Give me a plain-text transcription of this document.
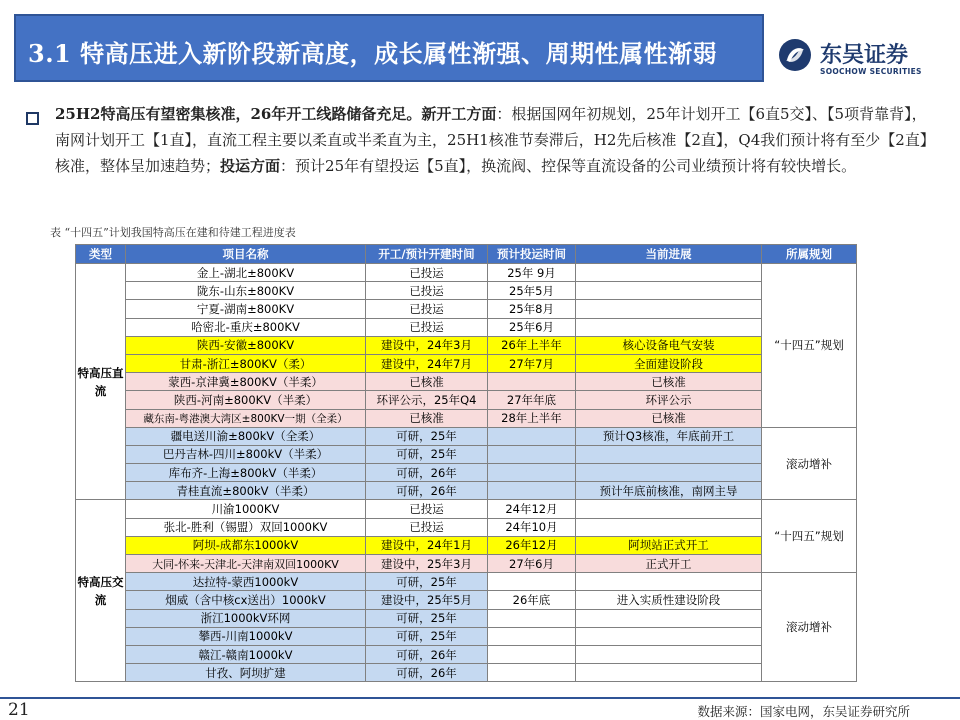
3.1 特高压进入新阶段新高度，成长属性渐强、周期性属性渐弱	东吴证券
SOOCHOW SECURITIES
25H2特高压有望密集核准，26年开工线路储备充足。新开工方面：根据国网年初规划，25年计划开工【6直5交】、【5项背靠背】，南网计划开工【1直】，直流工程主要以柔直或半柔直为主，25H1核准节奏滞后，H2先后核准【2直】，Q4我们预计将有至少【2直】核准，整体呈加速趋势；投运方面：预计25年有望投运【5直】，换流阀、控保等直流设备的公司业绩预计将有较快增长。
表 “十四五”计划我国特高压在建和待建工程进度表
类型	项目名称	开工/预计开建时间	预计投运时间	当前进展	所属规划
特高压直流	金上-湖北±800KV	已投运	25年 9月		“十四五”规划
	陇东-山东±800KV	已投运	25年5月		
	宁夏-湖南±800KV	已投运	25年8月		
	哈密北-重庆±800KV	已投运	25年6月		
	陕西-安徽±800KV	建设中，24年3月	26年上半年	核心设备电气安装	
	甘肃-浙江±800KV（柔）	建设中，24年7月	27年7月	全面建设阶段	
	蒙西-京津冀±800KV（半柔）	已核准		已核准	
	陕西-河南±800KV（半柔）	环评公示，25年Q4	27年年底	环评公示	
	藏东南-粤港澳大湾区±800KV一期（全柔）	已核准	28年上半年	已核准	
	疆电送川渝±800kV（全柔）	可研，25年		预计Q3核准，年底前开工	滚动增补
	巴丹吉林-四川±800kV（半柔）	可研，25年			
	库布齐-上海±800kV（半柔）	可研，26年			
	青桂直流±800kV（半柔）	可研，26年		预计年底前核准，南网主导	
特高压交流	川渝1000KV	已投运	24年12月		“十四五”规划
	张北-胜利（锡盟）双回1000KV	已投运	24年10月		
	阿坝-成都东1000kV	建设中，24年1月	26年12月	阿坝站正式开工	
	大同-怀来-天津北-天津南双回1000KV	建设中，25年3月	27年6月	正式开工	
	达拉特-蒙西1000kV	可研，25年			滚动增补
	烟威（含中核cx送出）1000kV	建设中，25年5月	26年底	进入实质性建设阶段	
	浙江1000kV环网	可研，25年			
	攀西-川南1000kV	可研，25年			
	赣江-赣南1000kV	可研，26年			
	甘孜、阿坝扩建	可研，26年			
21	数据来源：国家电网，东吴证券研究所
